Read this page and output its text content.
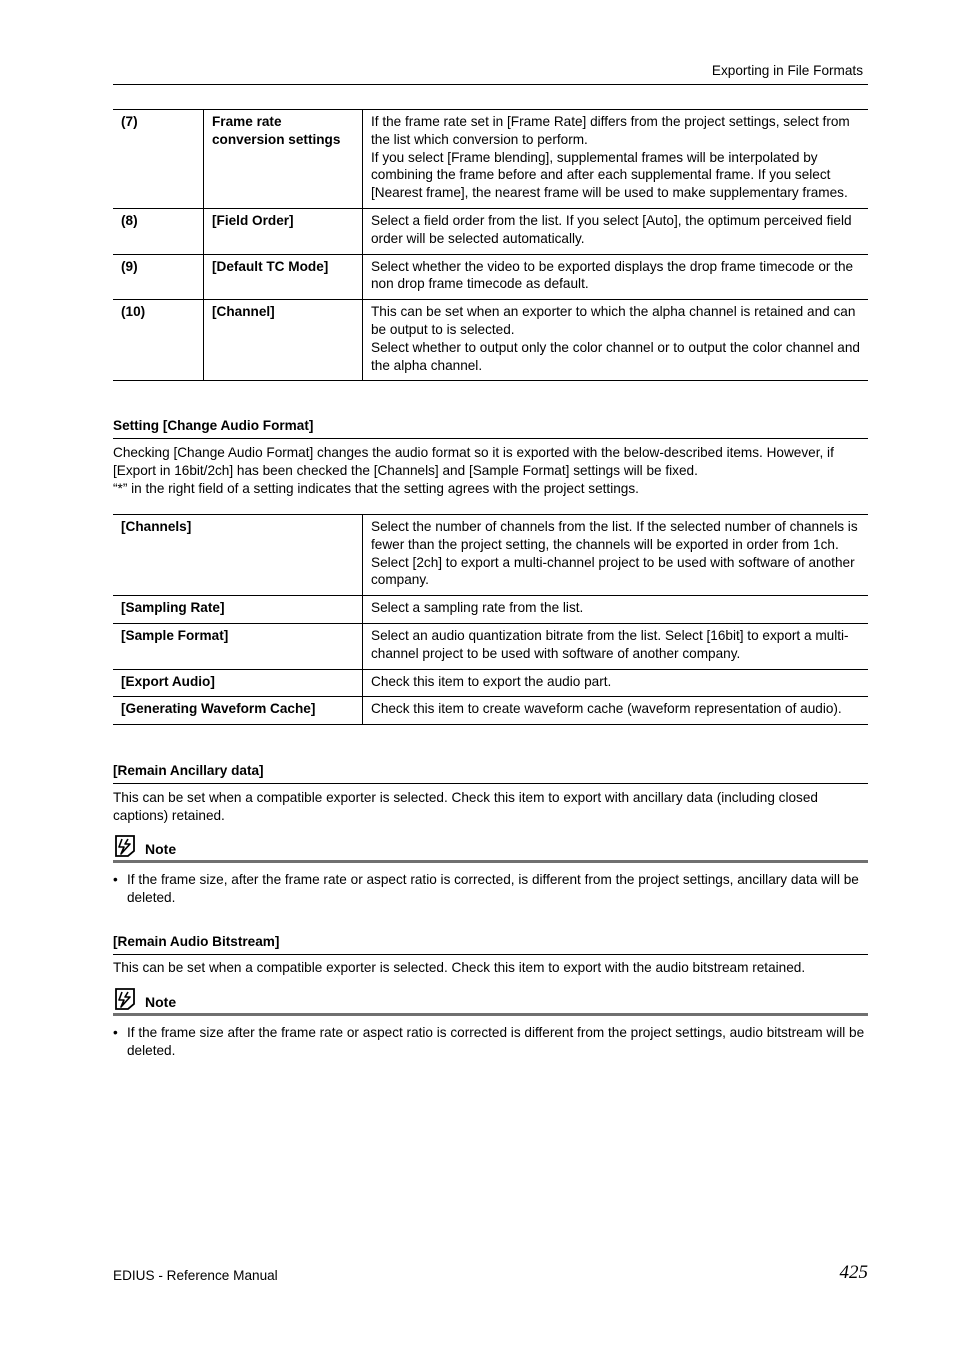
Exporting in File Formats
(7)	Frame rate conversion settings	If the frame rate set in [Frame Rate] differs from the project settings, select from the list which conversion to perform.
If you select [Frame blending], supplemental frames will be interpolated by combining the frame before and after each supplemental frame. If you select [Nearest frame], the nearest frame will be used to make supplementary frames.

(8)	[Field Order]	Select a field order from the list. If you select [Auto], the optimum perceived field order will be selected automatically.

(9)	[Default TC Mode]	Select whether the video to be exported displays the drop frame timecode or the non drop frame timecode as default.

(10)	[Channel]	This can be set when an exporter to which the alpha channel is retained and can be output to is selected.
Select whether to output only the color channel or to output the color channel and the alpha channel.
Setting [Change Audio Format]

Checking [Change Audio Format] changes the audio format so it is exported with the below-described items. However, if [Export in 16bit/2ch] has been checked the [Channels] and [Sample Format] settings will be fixed.

“*” in the right field of a setting indicates that the setting agrees with the project settings.

[Channels]	Select the number of channels from the list. If the selected number of channels is fewer than the project setting, the channels will be exported in order from 1ch. Select [2ch] to export a multi-channel project to be used with software of another company.
[Sampling Rate]	Select a sampling rate from the list.
[Sample Format]	Select an audio quantization bitrate from the list. Select [16bit] to export a multi-channel project to be used with software of another company.
[Export Audio]	Check this item to export the audio part.
[Generating Waveform Cache]	Check this item to create waveform cache (waveform representation of audio).
[Remain Ancillary data]

This can be set when a compatible exporter is selected. Check this item to export with ancillary data (including closed captions) retained.

Note
• If the frame size, after the frame rate or aspect ratio is corrected, is different from the project settings, ancillary data will be deleted.
[Remain Audio Bitstream]

This can be set when a compatible exporter is selected. Check this item to export with the audio bitstream retained.

Note
• If the frame size after the frame rate or aspect ratio is corrected is different from the project settings, audio bitstream will be deleted.
EDIUS - Reference Manual	425
